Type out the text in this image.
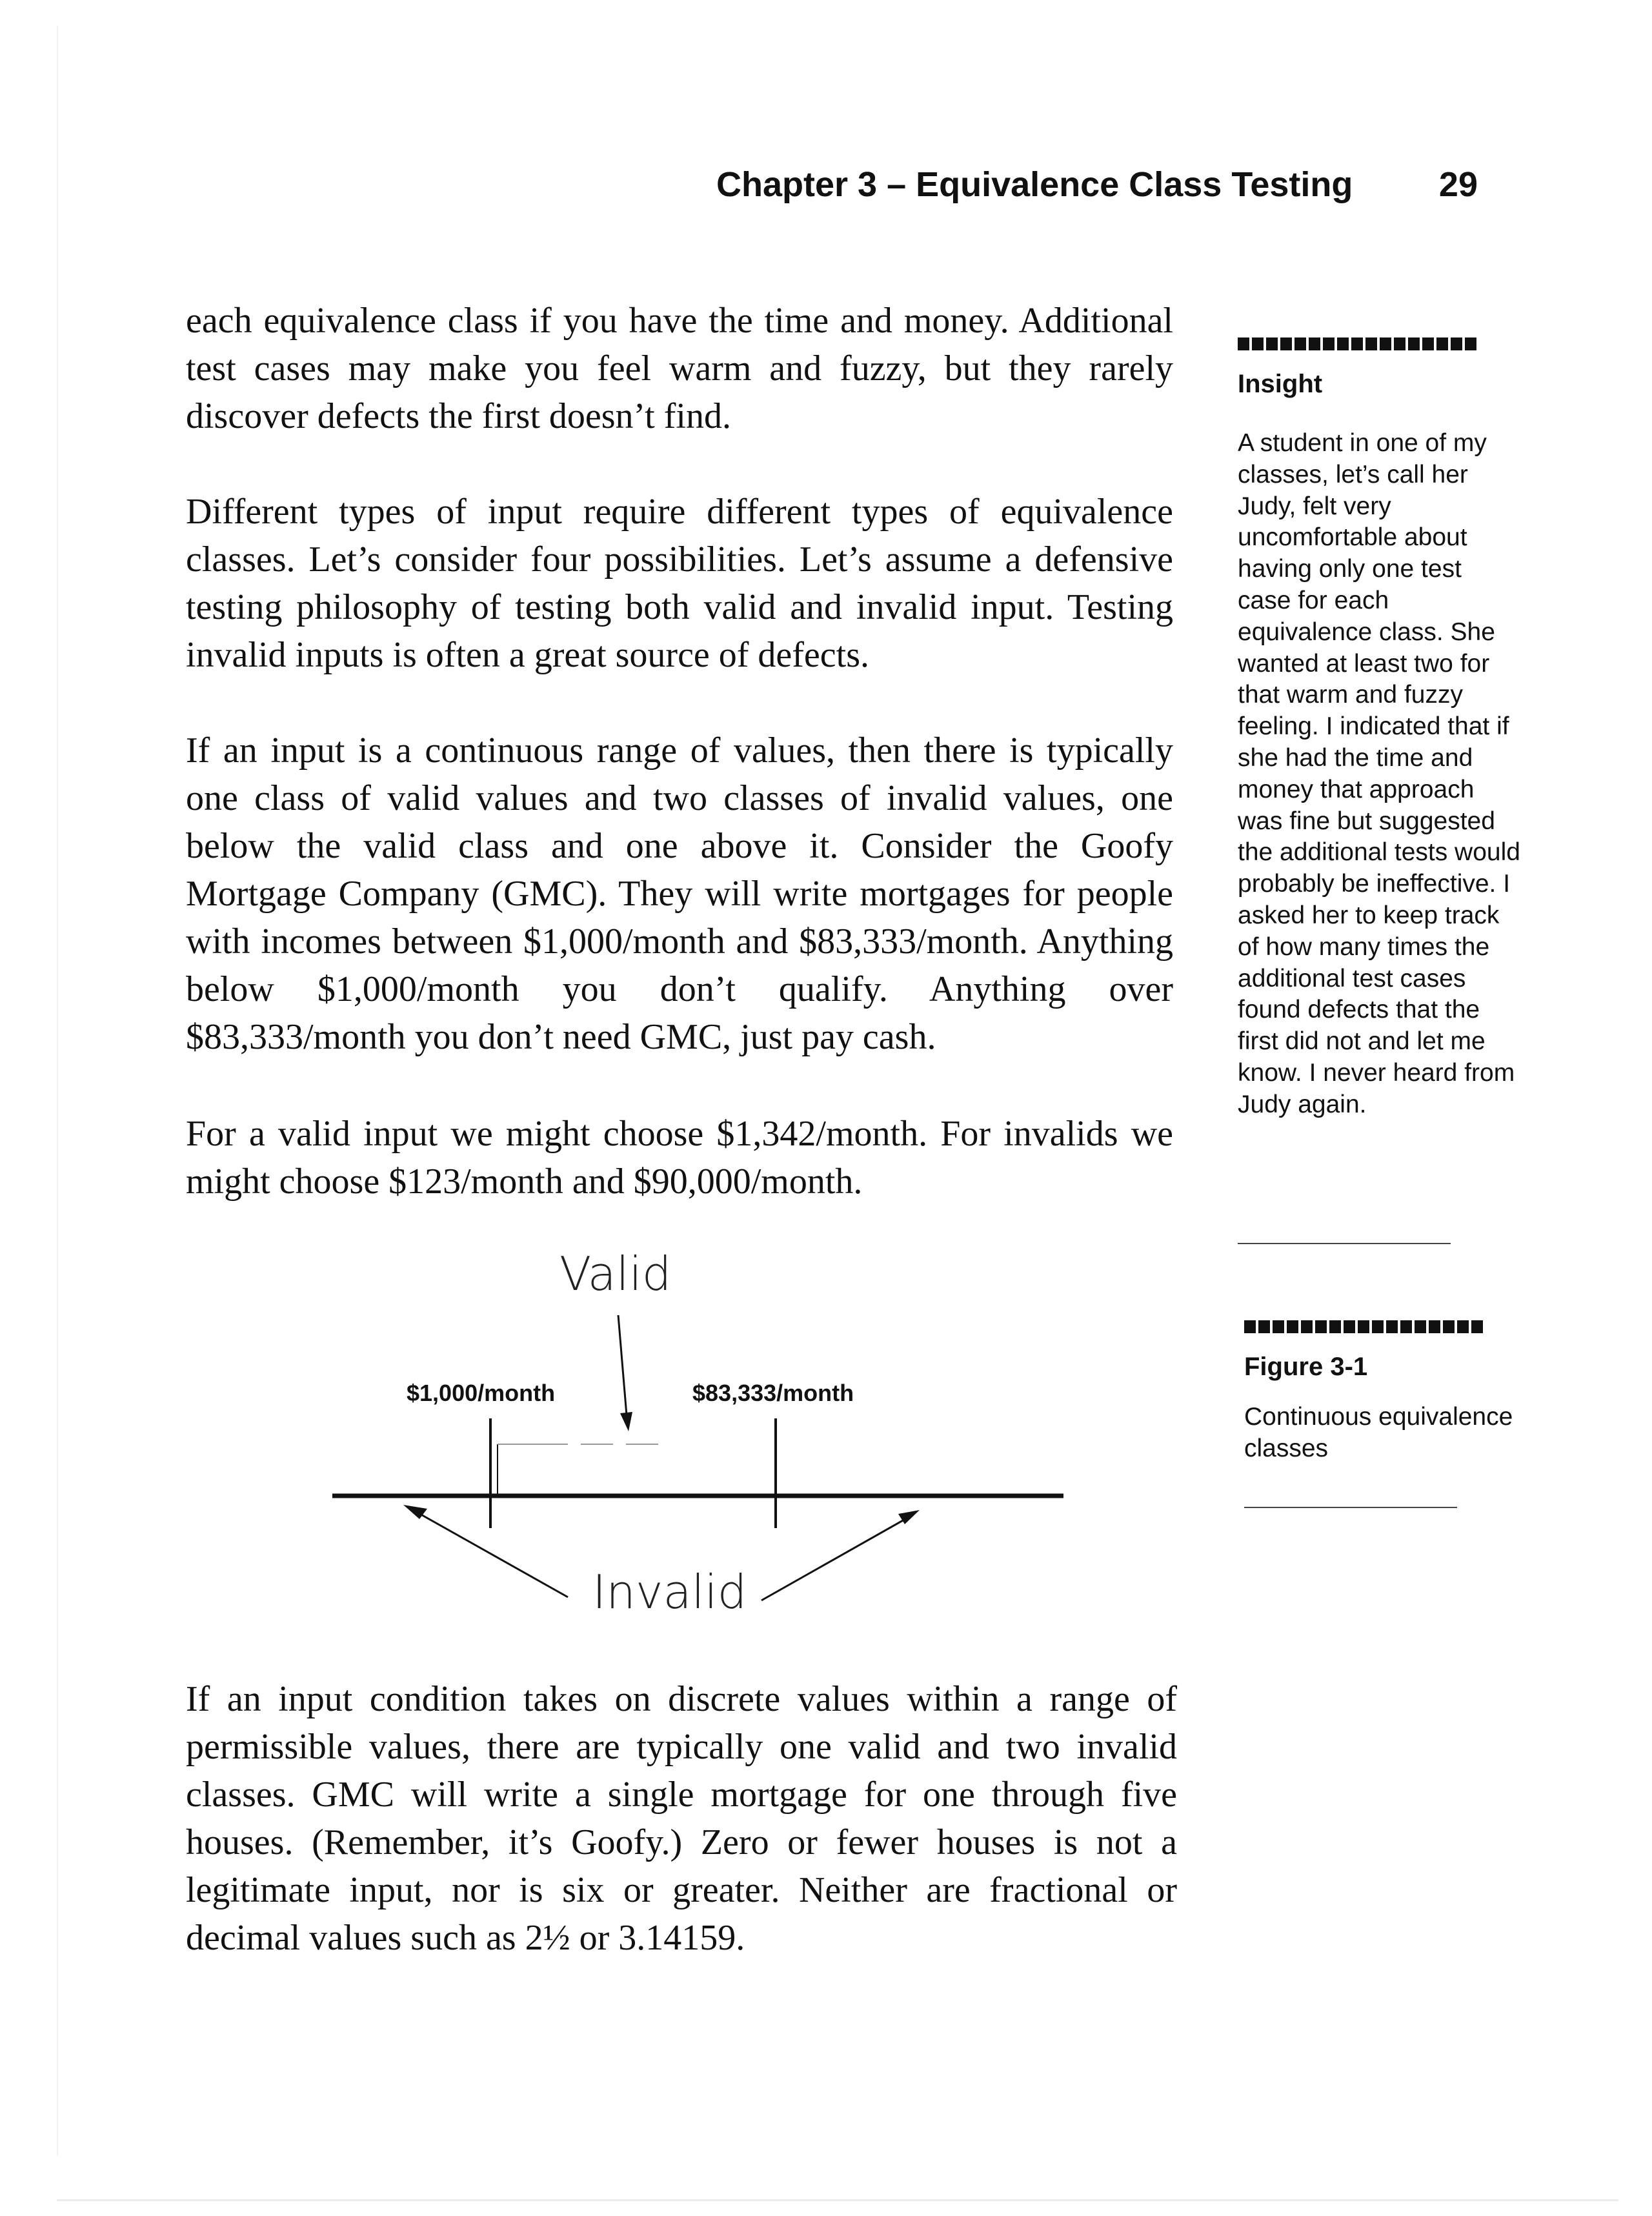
Chapter 3 – Equivalence Class Testing 29

each equivalence class if you have the time and money. Additional test cases may make you feel warm and fuzzy, but they rarely discover defects the first doesn’t find.

Different types of input require different types of equivalence classes. Let’s consider four possibilities. Let’s assume a defensive testing philosophy of testing both valid and invalid input. Testing invalid inputs is often a great source of defects.

If an input is a continuous range of values, then there is typically one class of valid values and two classes of invalid values, one below the valid class and one above it. Consider the Goofy Mortgage Company (GMC). They will write mortgages for people with incomes between $1,000/month and $83,333/month. Anything below $1,000/month you don’t qualify. Anything over $83,333/month you don’t need GMC, just pay cash.

For a valid input we might choose $1,342/month. For invalids we might choose $123/month and $90,000/month.

Valid
Invalid
$1,000/month	$83,333/month

If an input condition takes on discrete values within a range of permissible values, there are typically one valid and two invalid classes. GMC will write a single mortgage for one through five houses. (Remember, it’s Goofy.) Zero or fewer houses is not a legitimate input, nor is six or greater. Neither are fractional or decimal values such as 2½ or 3.14159.

Insight
A student in one of my classes, let’s call her Judy, felt very uncomfortable about having only one test case for each equivalence class. She wanted at least two for that warm and fuzzy feeling. I indicated that if she had the time and money that approach was fine but suggested the additional tests would probably be ineffective. I asked her to keep track of how many times the additional test cases found defects that the first did not and let me know. I never heard from Judy again.
Figure 3-1
Continuous equivalence classes
